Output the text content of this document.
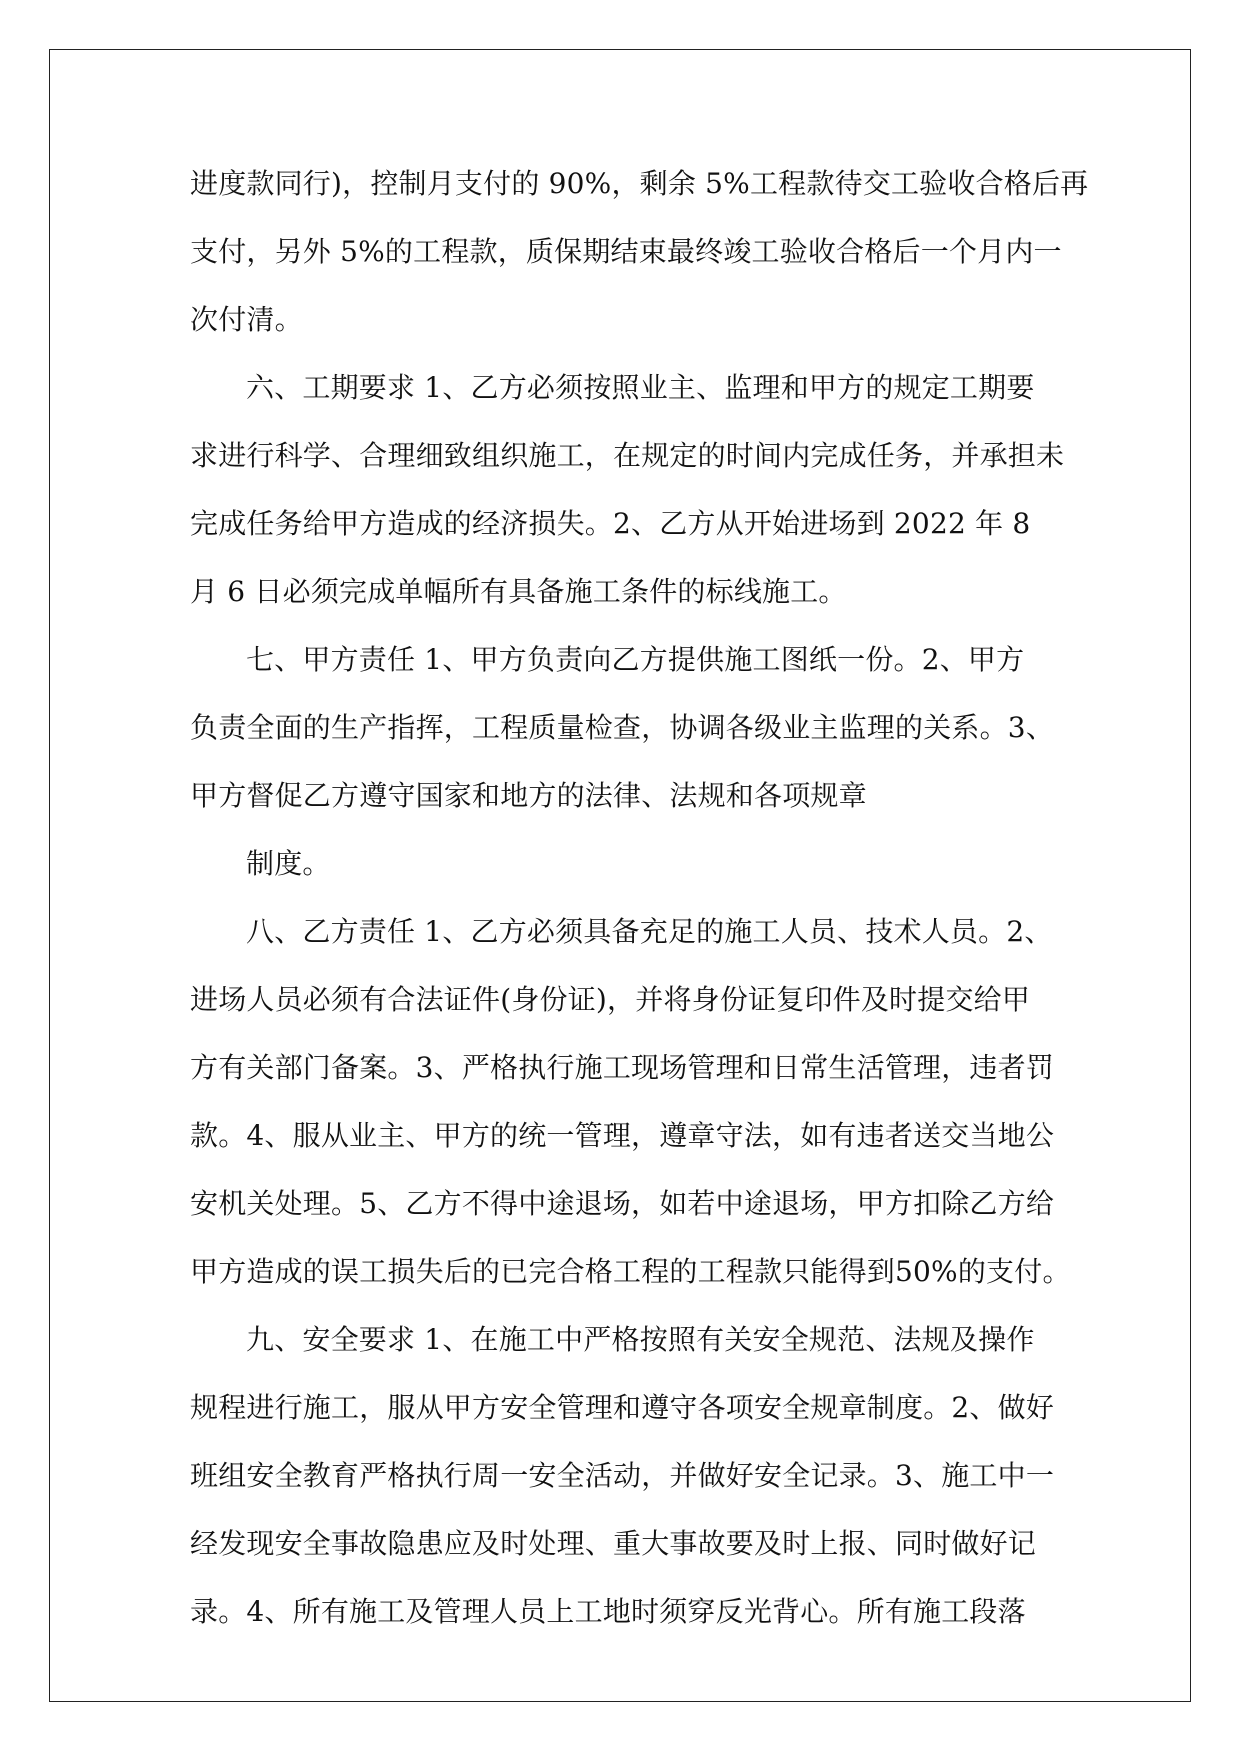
进度款同行)，控制月支付的 90%，剩余 5%工程款待交工验收合格后再
支付，另外 5%的工程款，质保期结束最终竣工验收合格后一个月内一
次付清。
六、工期要求 1、乙方必须按照业主、监理和甲方的规定工期要
求进行科学、合理细致组织施工，在规定的时间内完成任务，并承担未
完成任务给甲方造成的经济损失。2、乙方从开始进场到 2022 年 8
月 6 日必须完成单幅所有具备施工条件的标线施工。
七、甲方责任 1、甲方负责向乙方提供施工图纸一份。2、甲方
负责全面的生产指挥，工程质量检查，协调各级业主监理的关系。3、
甲方督促乙方遵守国家和地方的法律、法规和各项规章
制度。
八、乙方责任 1、乙方必须具备充足的施工人员、技术人员。2、
进场人员必须有合法证件(身份证)，并将身份证复印件及时提交给甲
方有关部门备案。3、严格执行施工现场管理和日常生活管理，违者罚
款。4、服从业主、甲方的统一管理，遵章守法，如有违者送交当地公
安机关处理。5、乙方不得中途退场，如若中途退场，甲方扣除乙方给
甲方造成的误工损失后的已完合格工程的工程款只能得到50%的支付。
九、安全要求 1、在施工中严格按照有关安全规范、法规及操作
规程进行施工，服从甲方安全管理和遵守各项安全规章制度。2、做好
班组安全教育严格执行周一安全活动，并做好安全记录。3、施工中一
经发现安全事故隐患应及时处理、重大事故要及时上报、同时做好记
录。4、所有施工及管理人员上工地时须穿反光背心。所有施工段落
